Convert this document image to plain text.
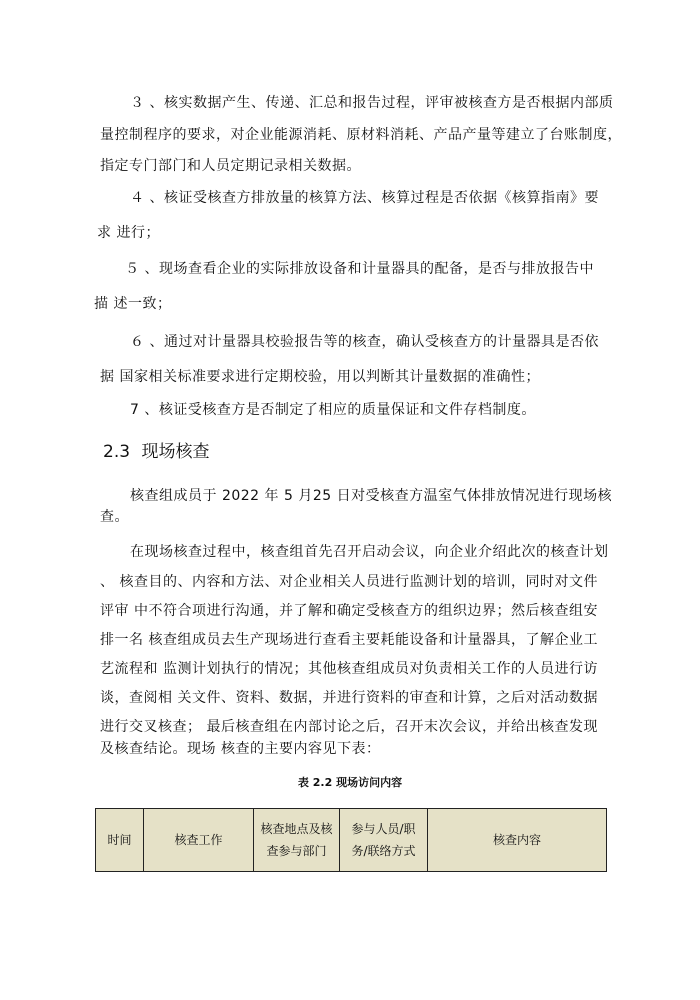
３ 、核实数据产生、传递、汇总和报告过程，评审被核查方是否根据内部质
量控制程序的要求，对企业能源消耗、原材料消耗、产品产量等建立了台账制度，
指定专门部门和人员定期记录相关数据。
４ 、核证受核查方排放量的核算方法、核算过程是否依据《核算指南》要
求 进行；
５ 、现场查看企业的实际排放设备和计量器具的配备，是否与排放报告中
描 述一致；
６ 、通过对计量器具校验报告等的核查，确认受核查方的计量器具是否依
据 国家相关标准要求进行定期校验，用以判断其计量数据的准确性；
7 、核证受核查方是否制定了相应的质量保证和文件存档制度。
2.3 现场核查
核查组成员于 2022 年 5 月25 日对受核查方温室气体排放情况进行现场核
查。
在现场核查过程中，核查组首先召开启动会议，向企业介绍此次的核查计划
、 核查目的、内容和方法、对企业相关人员进行监测计划的培训，同时对文件
评审 中不符合项进行沟通，并了解和确定受核查方的组织边界；然后核查组安
排一名 核查组成员去生产现场进行查看主要耗能设备和计量器具，了解企业工
艺流程和 监测计划执行的情况；其他核查组成员对负责相关工作的人员进行访
谈，查阅相 关文件、资料、数据，并进行资料的审查和计算，之后对活动数据
进行交叉核查； 最后核查组在内部讨论之后，召开末次会议，并给出核查发现
及核查结论。现场 核查的主要内容见下表：
表 2.2 现场访问内容
时间	核查工作	核查地点及核查参与部门	参与人员/职务/联络方式	核查内容
